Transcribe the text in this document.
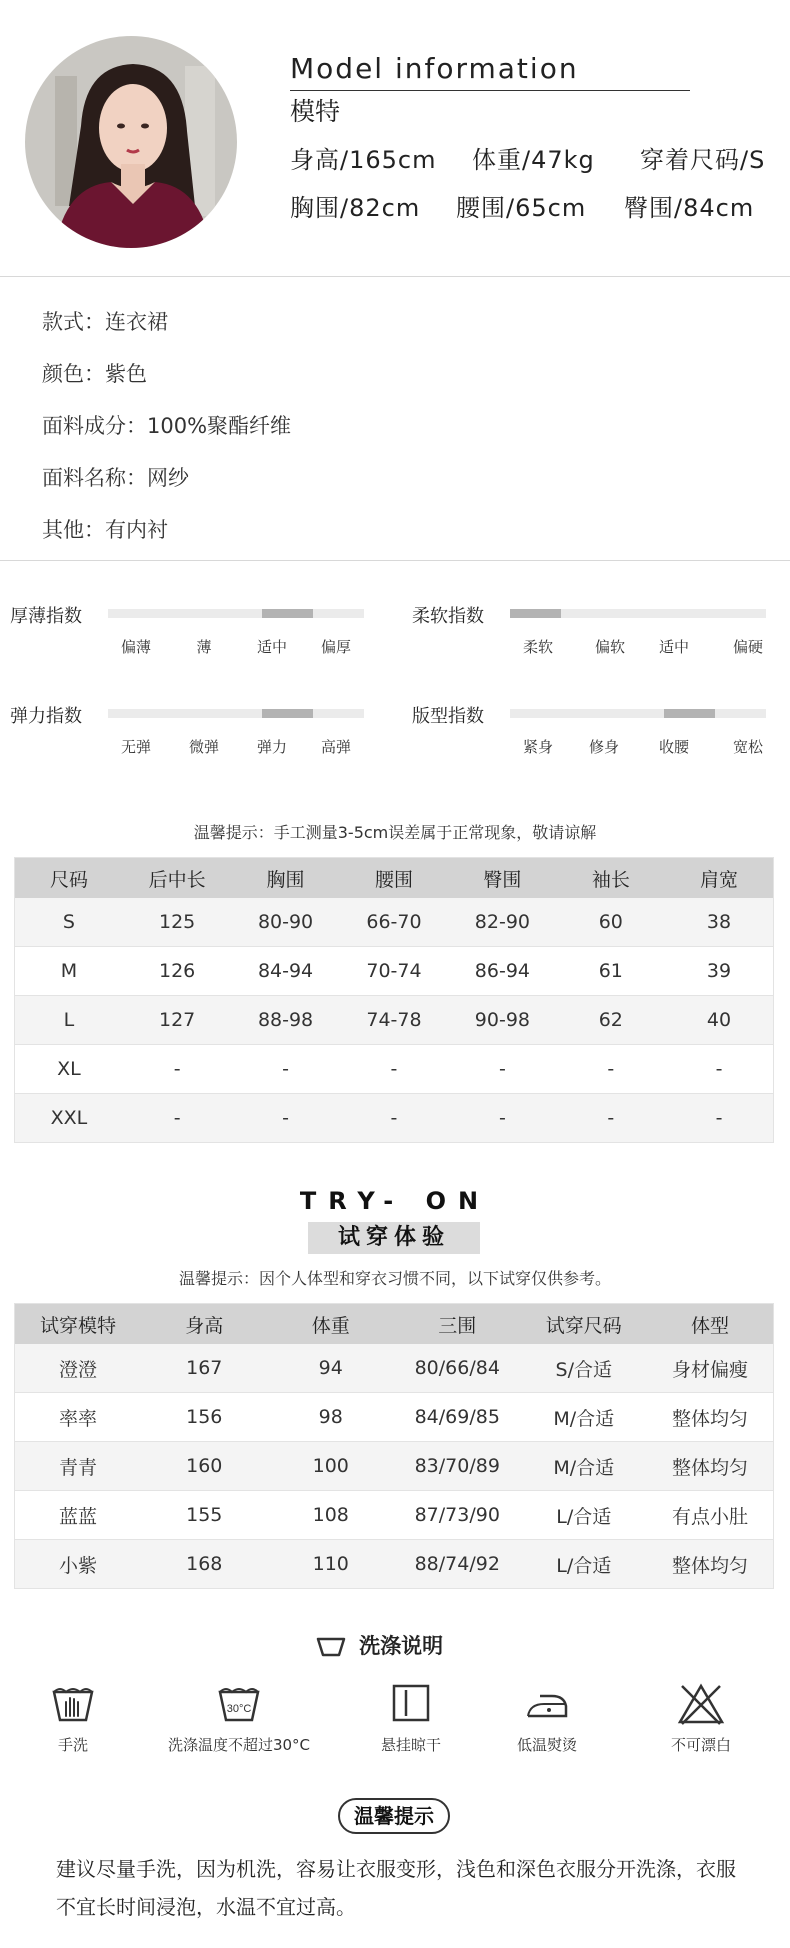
Model information
模特
身高/165cm 体重/47kg 穿着尺码/S
胸围/82cm 腰围/65cm 臀围/84cm
款式：连衣裙
颜色：紫色
面料成分：100%聚酯纤维
面料名称：网纱
其他：有内衬
厚薄指数
偏薄	薄	适中	偏厚
柔软指数
柔软	偏软	适中	偏硬
弹力指数
无弹	微弹	弹力	高弹
版型指数
紧身	修身	收腰	宽松
温馨提示：手工测量3-5cm误差属于正常现象，敬请谅解
尺码	后中长	胸围	腰围	臀围	袖长	肩宽
S	125	80-90	66-70	82-90	60	38
M	126	84-94	70-74	86-94	61	39
L	127	88-98	74-78	90-98	62	40
XL	-	-	-	-	-	-
XXL	-	-	-	-	-	-
TRY- ON
试穿体验
温馨提示：因个人体型和穿衣习惯不同，以下试穿仅供参考。
试穿模特	身高	体重	三围	试穿尺码	体型
澄澄	167	94	80/66/84	S/合适	身材偏瘦
率率	156	98	84/69/85	M/合适	整体均匀
青青	160	100	83/70/89	M/合适	整体均匀
蓝蓝	155	108	87/73/90	L/合适	有点小肚
小紫	168	110	88/74/92	L/合适	整体均匀
洗涤说明
30°C
手洗	洗涤温度不超过30°C	悬挂晾干	低温熨烫	不可漂白
温馨提示
建议尽量手洗，因为机洗，容易让衣服变形，浅色和深色衣服分开洗涤，衣服不宜长时间浸泡，水温不宜过高。
